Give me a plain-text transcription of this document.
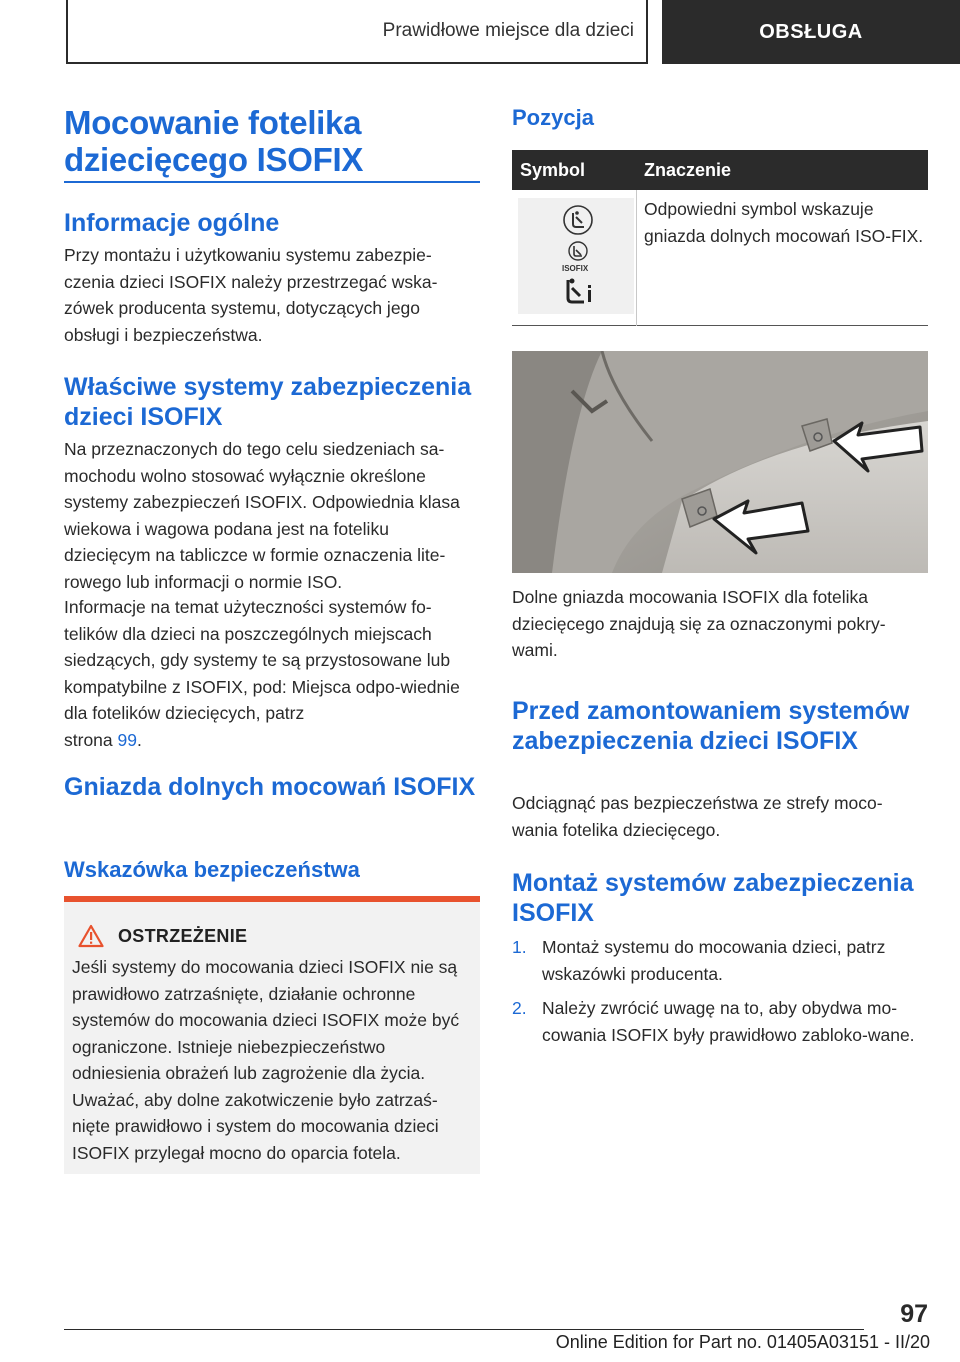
Prawidłowe miejsce dla dzieci	OBSŁUGA
Mocowanie fotelika dziecięcego ISOFIX
Informacje ogólne

Przy montażu i użytkowaniu systemu zabezpie-czenia dzieci ISOFIX należy przestrzegać wska-zówek producenta systemu, dotyczących jego obsługi i bezpieczeństwa.

Właściwe systemy zabezpieczenia dzieci ISOFIX

Na przeznaczonych do tego celu siedzeniach sa-mochodu wolno stosować wyłącznie określone systemy zabezpieczeń ISOFIX. Odpowiednia klasa wiekowa i wagowa podana jest na foteliku dziecięcym na tabliczce w formie oznaczenia lite-rowego lub informacji o normie ISO.

Informacje na temat użyteczności systemów fo-telików dla dzieci na poszczególnych miejscach siedzących, gdy systemy te są przystosowane lub kompatybilne z ISOFIX, pod: Miejsca odpo-wiednie dla fotelików dziecięcych, patrz
strona 99.

Gniazda dolnych mocowań ISOFIX
Wskazówka bezpieczeństwa
OSTRZEŻENIE

Jeśli systemy do mocowania dzieci ISOFIX nie są prawidłowo zatrzaśnięte, działanie ochronne systemów do mocowania dzieci ISOFIX może być ograniczone. Istnieje niebezpieczeństwo odniesienia obrażeń lub zagrożenie dla życia. Uważać, aby dolne zakotwiczenie było zatrzaś-nięte prawidłowo i system do mocowania dzieci ISOFIX przylegał mocno do oparcia fotela.

Pozycja
Symbol	Znaczenie
ISOFIX

Odpowiedni symbol wskazuje gniazda dolnych mocowań ISO-FIX.

Dolne gniazda mocowania ISOFIX dla fotelika dziecięcego znajdują się za oznaczonymi pokry-wami.

Przed zamontowaniem systemów zabezpieczenia dzieci ISOFIX

Odciągnąć pas bezpieczeństwa ze strefy moco-wania fotelika dziecięcego.

Montaż systemów zabezpieczenia ISOFIX
1. Montaż systemu do mocowania dzieci, patrz wskazówki producenta.
2. Należy zwrócić uwagę na to, aby obydwa mo-cowania ISOFIX były prawidłowo zabloko-wane.
97
Online Edition for Part no. 01405A03151 - II/20
